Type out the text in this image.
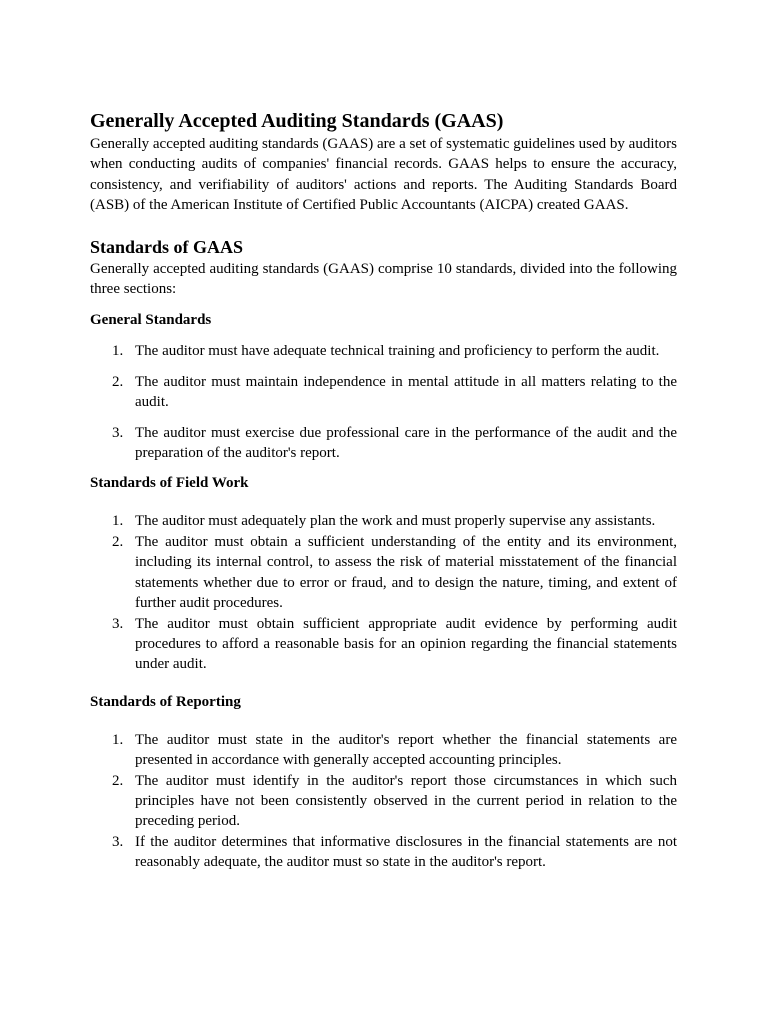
Generally Accepted Auditing Standards (GAAS)

Generally accepted auditing standards (GAAS) are a set of systematic guidelines used by auditors when conducting audits of companies' financial records. GAAS helps to ensure the accuracy, consistency, and verifiability of auditors' actions and reports. The Auditing Standards Board (ASB) of the American Institute of Certified Public Accountants (AICPA) created GAAS.

Standards of GAAS

Generally accepted auditing standards (GAAS) comprise 10 standards, divided into the following three sections:

General Standards
1. The auditor must have adequate technical training and proficiency to perform the audit.
2. The auditor must maintain independence in mental attitude in all matters relating to the audit.
3. The auditor must exercise due professional care in the performance of the audit and the preparation of the auditor's report.
Standards of Field Work
1. The auditor must adequately plan the work and must properly supervise any assistants.
2. The auditor must obtain a sufficient understanding of the entity and its environment, including its internal control, to assess the risk of material misstatement of the financial statements whether due to error or fraud, and to design the nature, timing, and extent of further audit procedures.
3. The auditor must obtain sufficient appropriate audit evidence by performing audit procedures to afford a reasonable basis for an opinion regarding the financial statements under audit.
Standards of Reporting
1. The auditor must state in the auditor's report whether the financial statements are presented in accordance with generally accepted accounting principles.
2. The auditor must identify in the auditor's report those circumstances in which such principles have not been consistently observed in the current period in relation to the preceding period.
3. If the auditor determines that informative disclosures in the financial statements are not reasonably adequate, the auditor must so state in the auditor's report.
